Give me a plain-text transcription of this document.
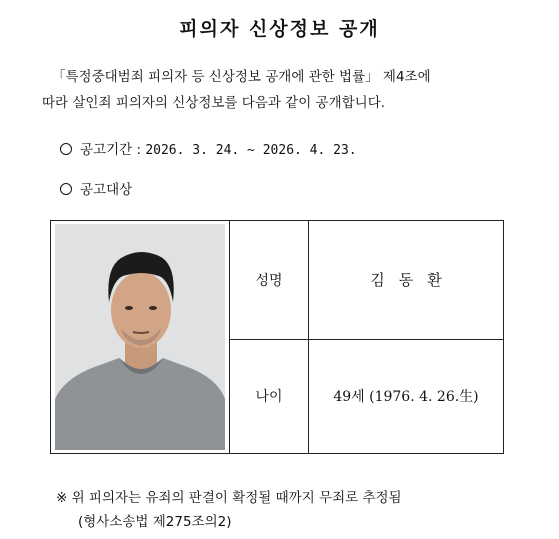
피의자 신상정보 공개
「특정중대범죄 피의자 등 신상정보 공개에 관한 법률」 제4조에
따라 살인죄 피의자의 신상정보를 다음과 같이 공개합니다.
공고기간 : 2026. 3. 24. ~ 2026. 4. 23.
공고대상
	성명	김동환
	나이	49세 (1976. 4. 26.生)
※ 위 피의자는 유죄의 판결이 확정될 때까지 무죄로 추정됨
(형사소송법 제275조의2)
